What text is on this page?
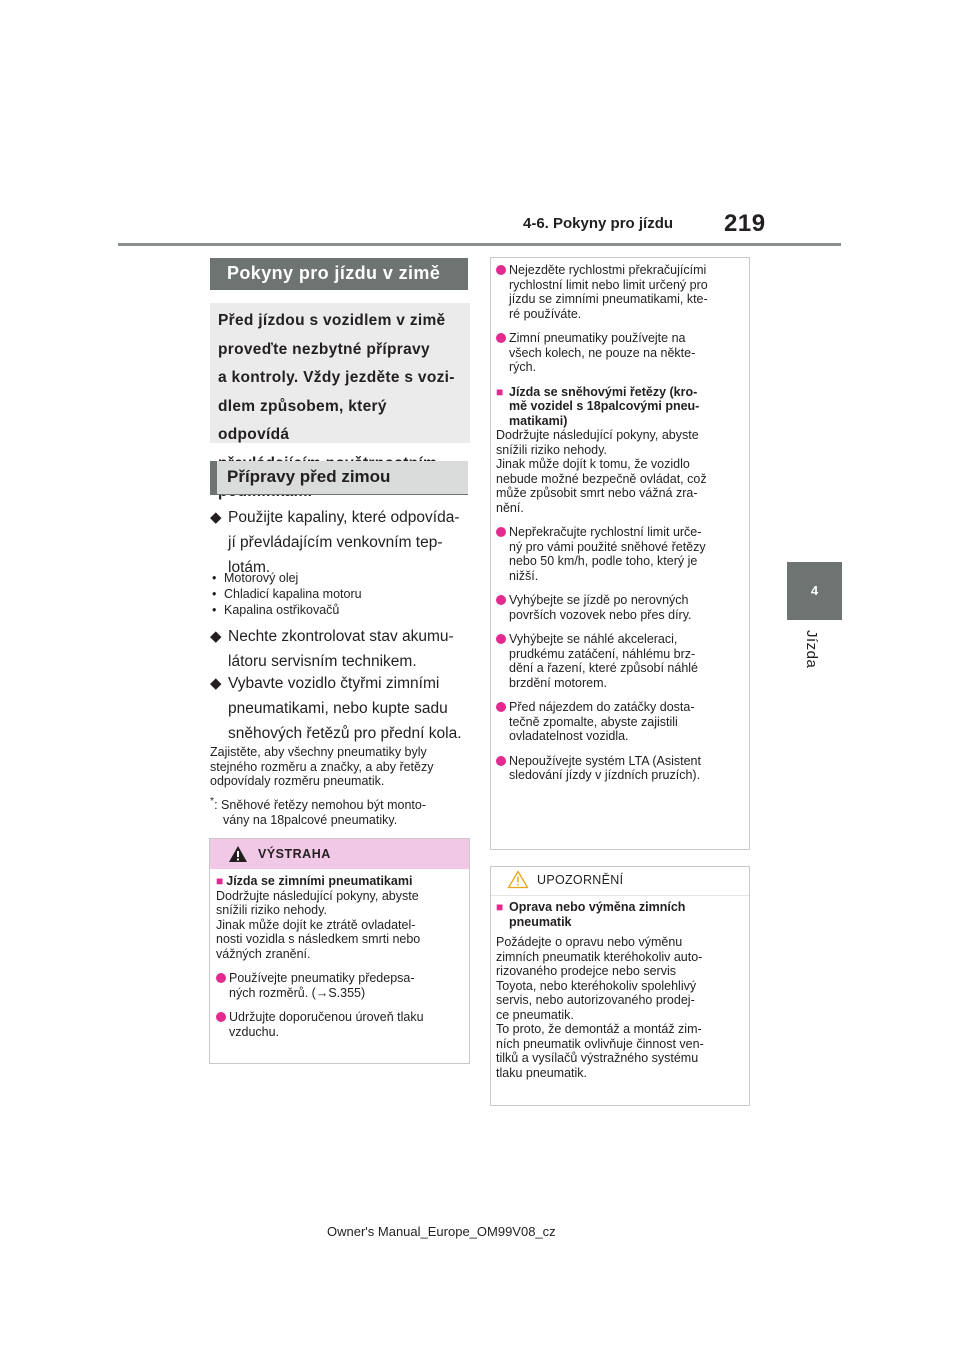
4-6. Pokyny pro jízdu 219
4
Jízda
Pokyny pro jízdu v zimě
Před jízdou s vozidlem v zimě
proveďte nezbytné přípravy
a kontroly. Vždy jezděte s vozi-
dlem způsobem, který odpovídá
Přípravy před zimou
◆ Použijte kapaliny, které odpovída-
jí převládajícím venkovním tep-
lotám.
• Motorový olej
• Chladicí kapalina motoru
• Kapalina ostřikovačů
◆ Nechte zkontrolovat stav akumu-
látoru servisním technikem.
◆ Vybavte vozidlo čtyřmi zimními
pneumatikami, nebo kupte sadu
sněhových řetězů pro přední kola.
Zajistěte, aby všechny pneumatiky byly
stejného rozměru a značky, a aby řetězy
odpovídaly rozměru pneumatik.
*: Sněhové řetězy nemohou být monto-
vány na 18palcové pneumatiky.
VÝSTRAHA
■ Jízda se zimními pneumatikami
Dodržujte následující pokyny, abyste
snížili riziko nehody.
Jinak může dojít ke ztrátě ovladatel-
nosti vozidla s následkem smrti nebo
vážných zranění.
Používejte pneumatiky předepsa-
ných rozměrů. (→S.355)
Udržujte doporučenou úroveň tlaku
vzduchu.
Nejezděte rychlostmi překračujícími
rychlostní limit nebo limit určený pro
jízdu se zimními pneumatikami, kte-
ré používáte.
Zimní pneumatiky používejte na
všech kolech, ne pouze na někte-
rých.
■ Jízda se sněhovými řetězy (kro-
mě vozidel s 18palcovými pneu-
matikami)
Dodržujte následující pokyny, abyste
snížili riziko nehody.
Jinak může dojít k tomu, že vozidlo
nebude možné bezpečně ovládat, což
může způsobit smrt nebo vážná zra-
nění.
Nepřekračujte rychlostní limit urče-
ný pro vámi použité sněhové řetězy
nebo 50 km/h, podle toho, který je
nižší.
Vyhýbejte se jízdě po nerovných
površích vozovek nebo přes díry.
Vyhýbejte se náhlé akceleraci,
prudkému zatáčení, náhlému brz-
dění a řazení, které způsobí náhlé
brzdění motorem.
Před nájezdem do zatáčky dosta-
tečně zpomalte, abyste zajistili
ovladatelnost vozidla.
Nepoužívejte systém LTA (Asistent
sledování jízdy v jízdních pruzích).
UPOZORNĚNÍ
■ Oprava nebo výměna zimních
pneumatik
Požádejte o opravu nebo výměnu
zimních pneumatik kteréhokoliv auto-
rizovaného prodejce nebo servis
Toyota, nebo kteréhokoliv spolehlivý
servis, nebo autorizovaného prodej-
ce pneumatik.
To proto, že demontáž a montáž zim-
ních pneumatik ovlivňuje činnost ven-
tilků a vysílačů výstražného systému
tlaku pneumatik.
Owner's Manual_Europe_OM99V08_cz
